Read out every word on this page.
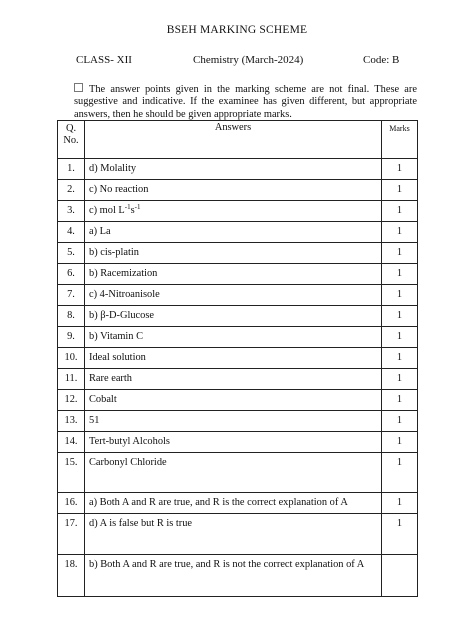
BSEH MARKING SCHEME
CLASS- XII	Chemistry (March-2024)	Code: B
The answer points given in the marking scheme are not final. These are suggestive and indicative. If the examinee has given different, but appropriate answers, then he should be given appropriate marks.
Q. No.	Answers	Marks
1.	d) Molality	1
2.	c) No reaction	1
3.	c) mol $L^{-1}s^{-1}$	1
4.	a) La	1
5.	b) cis-platin	1
6.	b) Racemization	1
7.	c) 4-Nitroanisole	1
8.	b) β-D-Glucose	1
9.	b) Vitamin C	1
10.	Ideal solution	1
11.	Rare earth	1
12.	Cobalt	1
13.	51	1
14.	Tert-butyl Alcohols	1
15.	Carbonyl Chloride	1
16.	a) Both A and R are true, and R is the correct explanation of A	1
17.	d) A is false but R is true	1
18.	b) Both A and R are true, and R is not the correct explanation of A	
